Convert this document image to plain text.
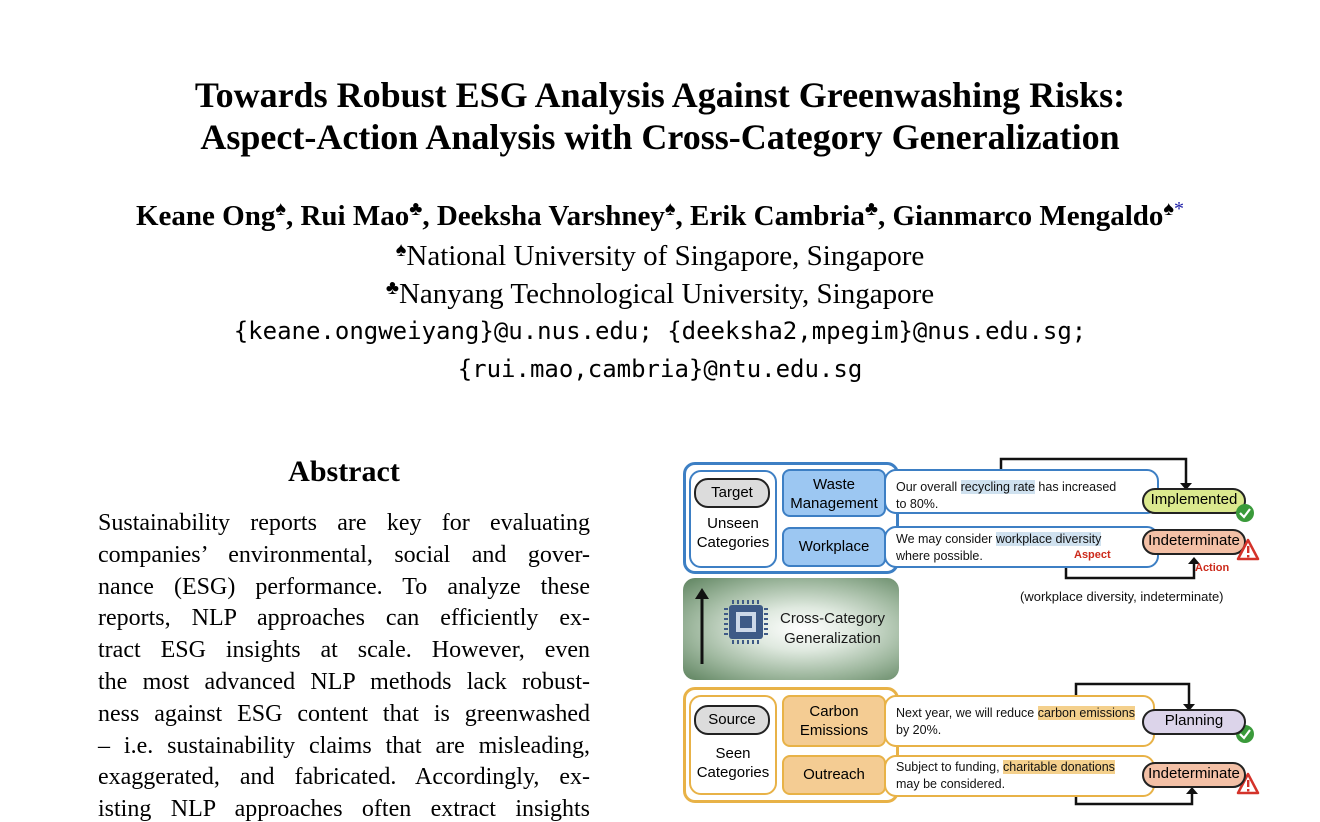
Towards Robust ESG Analysis Against Greenwashing Risks:
Aspect-Action Analysis with Cross-Category Generalization
Keane Ong♠, Rui Mao♣, Deeksha Varshney♠, Erik Cambria♣, Gianmarco Mengaldo♠*
♠National University of Singapore, Singapore
♣Nanyang Technological University, Singapore
{keane.ongweiyang}@u.nus.edu; {deeksha2,mpegim}@nus.edu.sg;
{rui.mao,cambria}@ntu.edu.sg
Abstract
Sustainability reports are key for evaluating
companies’ environmental, social and gover-
nance (ESG) performance. To analyze these
reports, NLP approaches can efficiently ex-
tract ESG insights at scale. However, even
the most advanced NLP methods lack robust-
ness against ESG content that is greenwashed
– i.e. sustainability claims that are misleading,
exaggerated, and fabricated. Accordingly, ex-
isting NLP approaches often extract insights
Target
Unseen
Categories
Waste
Management
Workplace
Our overall recycling rate has increased
to 80%.
We may consider workplace diversity
where possible.	Aspect
Action
Implemented
Indeterminate
(workplace diversity, indeterminate)
Cross-Category
Generalization
Source
Seen
Categories
Carbon
Emissions
Outreach
Next year, we will reduce carbon emissions
by 20%.
Subject to funding, charitable donations
may be considered.
Planning
Indeterminate
